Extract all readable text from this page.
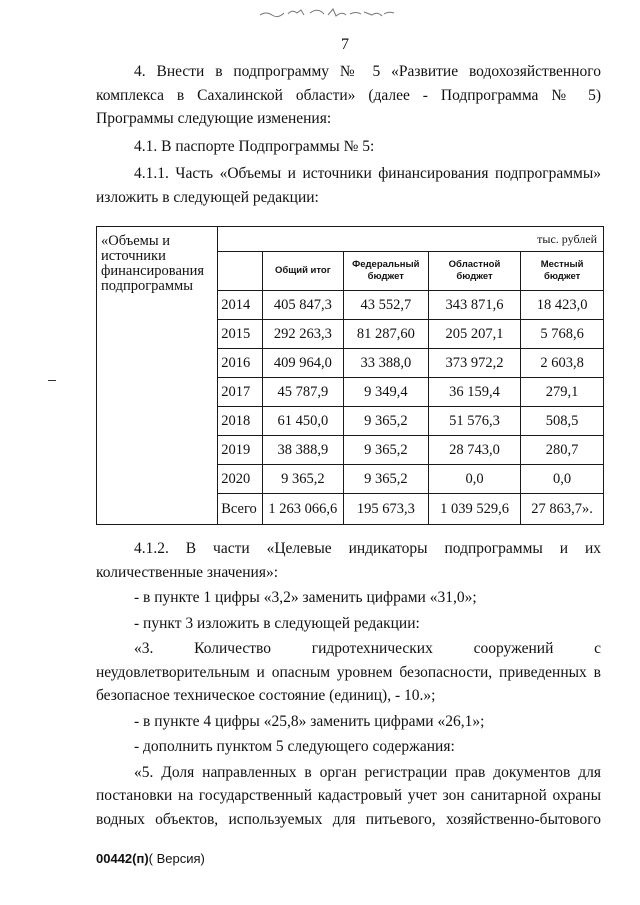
7

4. Внести в подпрограмму № 5 «Развитие водохозяйственного комплекса в Сахалинской области» (далее - Подпрограмма № 5) Программы следующие изменения:

4.1. В паспорте Подпрограммы № 5:

4.1.1. Часть «Объемы и источники финансирования подпрограммы» изложить в следующей редакции:

«Объемы и источники финансирования подпрограммы	тыс. рублей				
		Общий итог	Федеральный бюджет	Областной бюджет	Местный бюджет
	2014	405 847,3	43 552,7	343 871,6	18 423,0
	2015	292 263,3	81 287,60	205 207,1	5 768,6
	2016	409 964,0	33 388,0	373 972,2	2 603,8
	2017	45 787,9	9 349,4	36 159,4	279,1
	2018	61 450,0	9 365,2	51 576,3	508,5
	2019	38 388,9	9 365,2	28 743,0	280,7
	2020	9 365,2	9 365,2	0,0	0,0
	Всего	1 263 066,6	195 673,3	1 039 529,6	27 863,7».

4.1.2. В части «Целевые индикаторы подпрограммы и их количественные значения»:

- в пункте 1 цифры «3,2» заменить цифрами «31,0»;

- пункт 3 изложить в следующей редакции:

«3. Количество гидротехнических сооружений с неудовлетворительным и опасным уровнем безопасности, приведенных в безопасное техническое состояние (единиц), - 10.»;

- в пункте 4 цифры «25,8» заменить цифрами «26,1»;

- дополнить пунктом 5 следующего содержания:

«5. Доля направленных в орган регистрации прав документов для постановки на государственный кадастровый учет зон санитарной охраны водных объектов, используемых для питьевого, хозяйственно-бытового

00442(п)( Версия)
